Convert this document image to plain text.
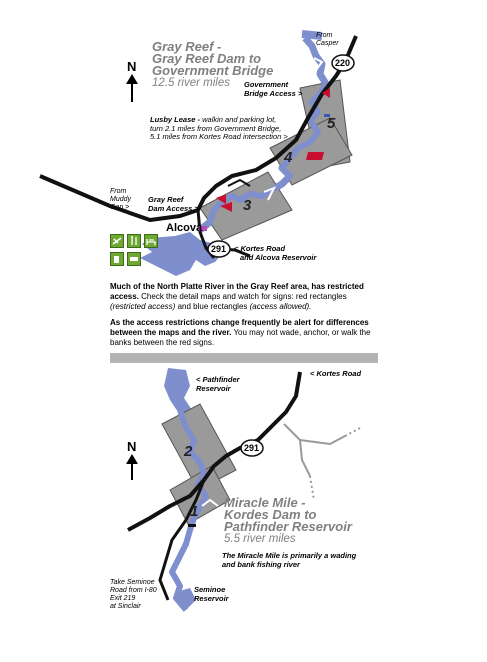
5
4
3
220
291
N
Gray Reef -
Gray Reef Dam to
Government Bridge
12.5 river miles
From
Casper
Government
Bridge Access >
Lusby Lease - walkin and parking lot,
turn 2.1 miles from Government Bridge,
5.1 miles from Kortes Road intersection >
From
Muddy
Gap >
Gray Reef
Dam Access >
Alcova
< Kortes Road
and Alcova Reservoir
Much of the North Platte River in the Gray Reef area, has restricted access. Check the detail maps and watch for signs: red rectangles (restricted access) and blue rectangles (access allowed).
As the access restrictions change frequently be alert for differences between the maps and the river. You may not wade, anchor, or walk the banks between the red signs.
2
1
291
N
< Pathfinder
Reservoir
< Kortes Road
Miracle Mile -
Kordes Dam to
Pathfinder Reservoir
5.5 river miles
The Miracle Mile is primarily a wading
and bank fishing river
Take Seminoe
Road from I-80
Exit 219
at Sinclair
Seminoe
Reservoir
